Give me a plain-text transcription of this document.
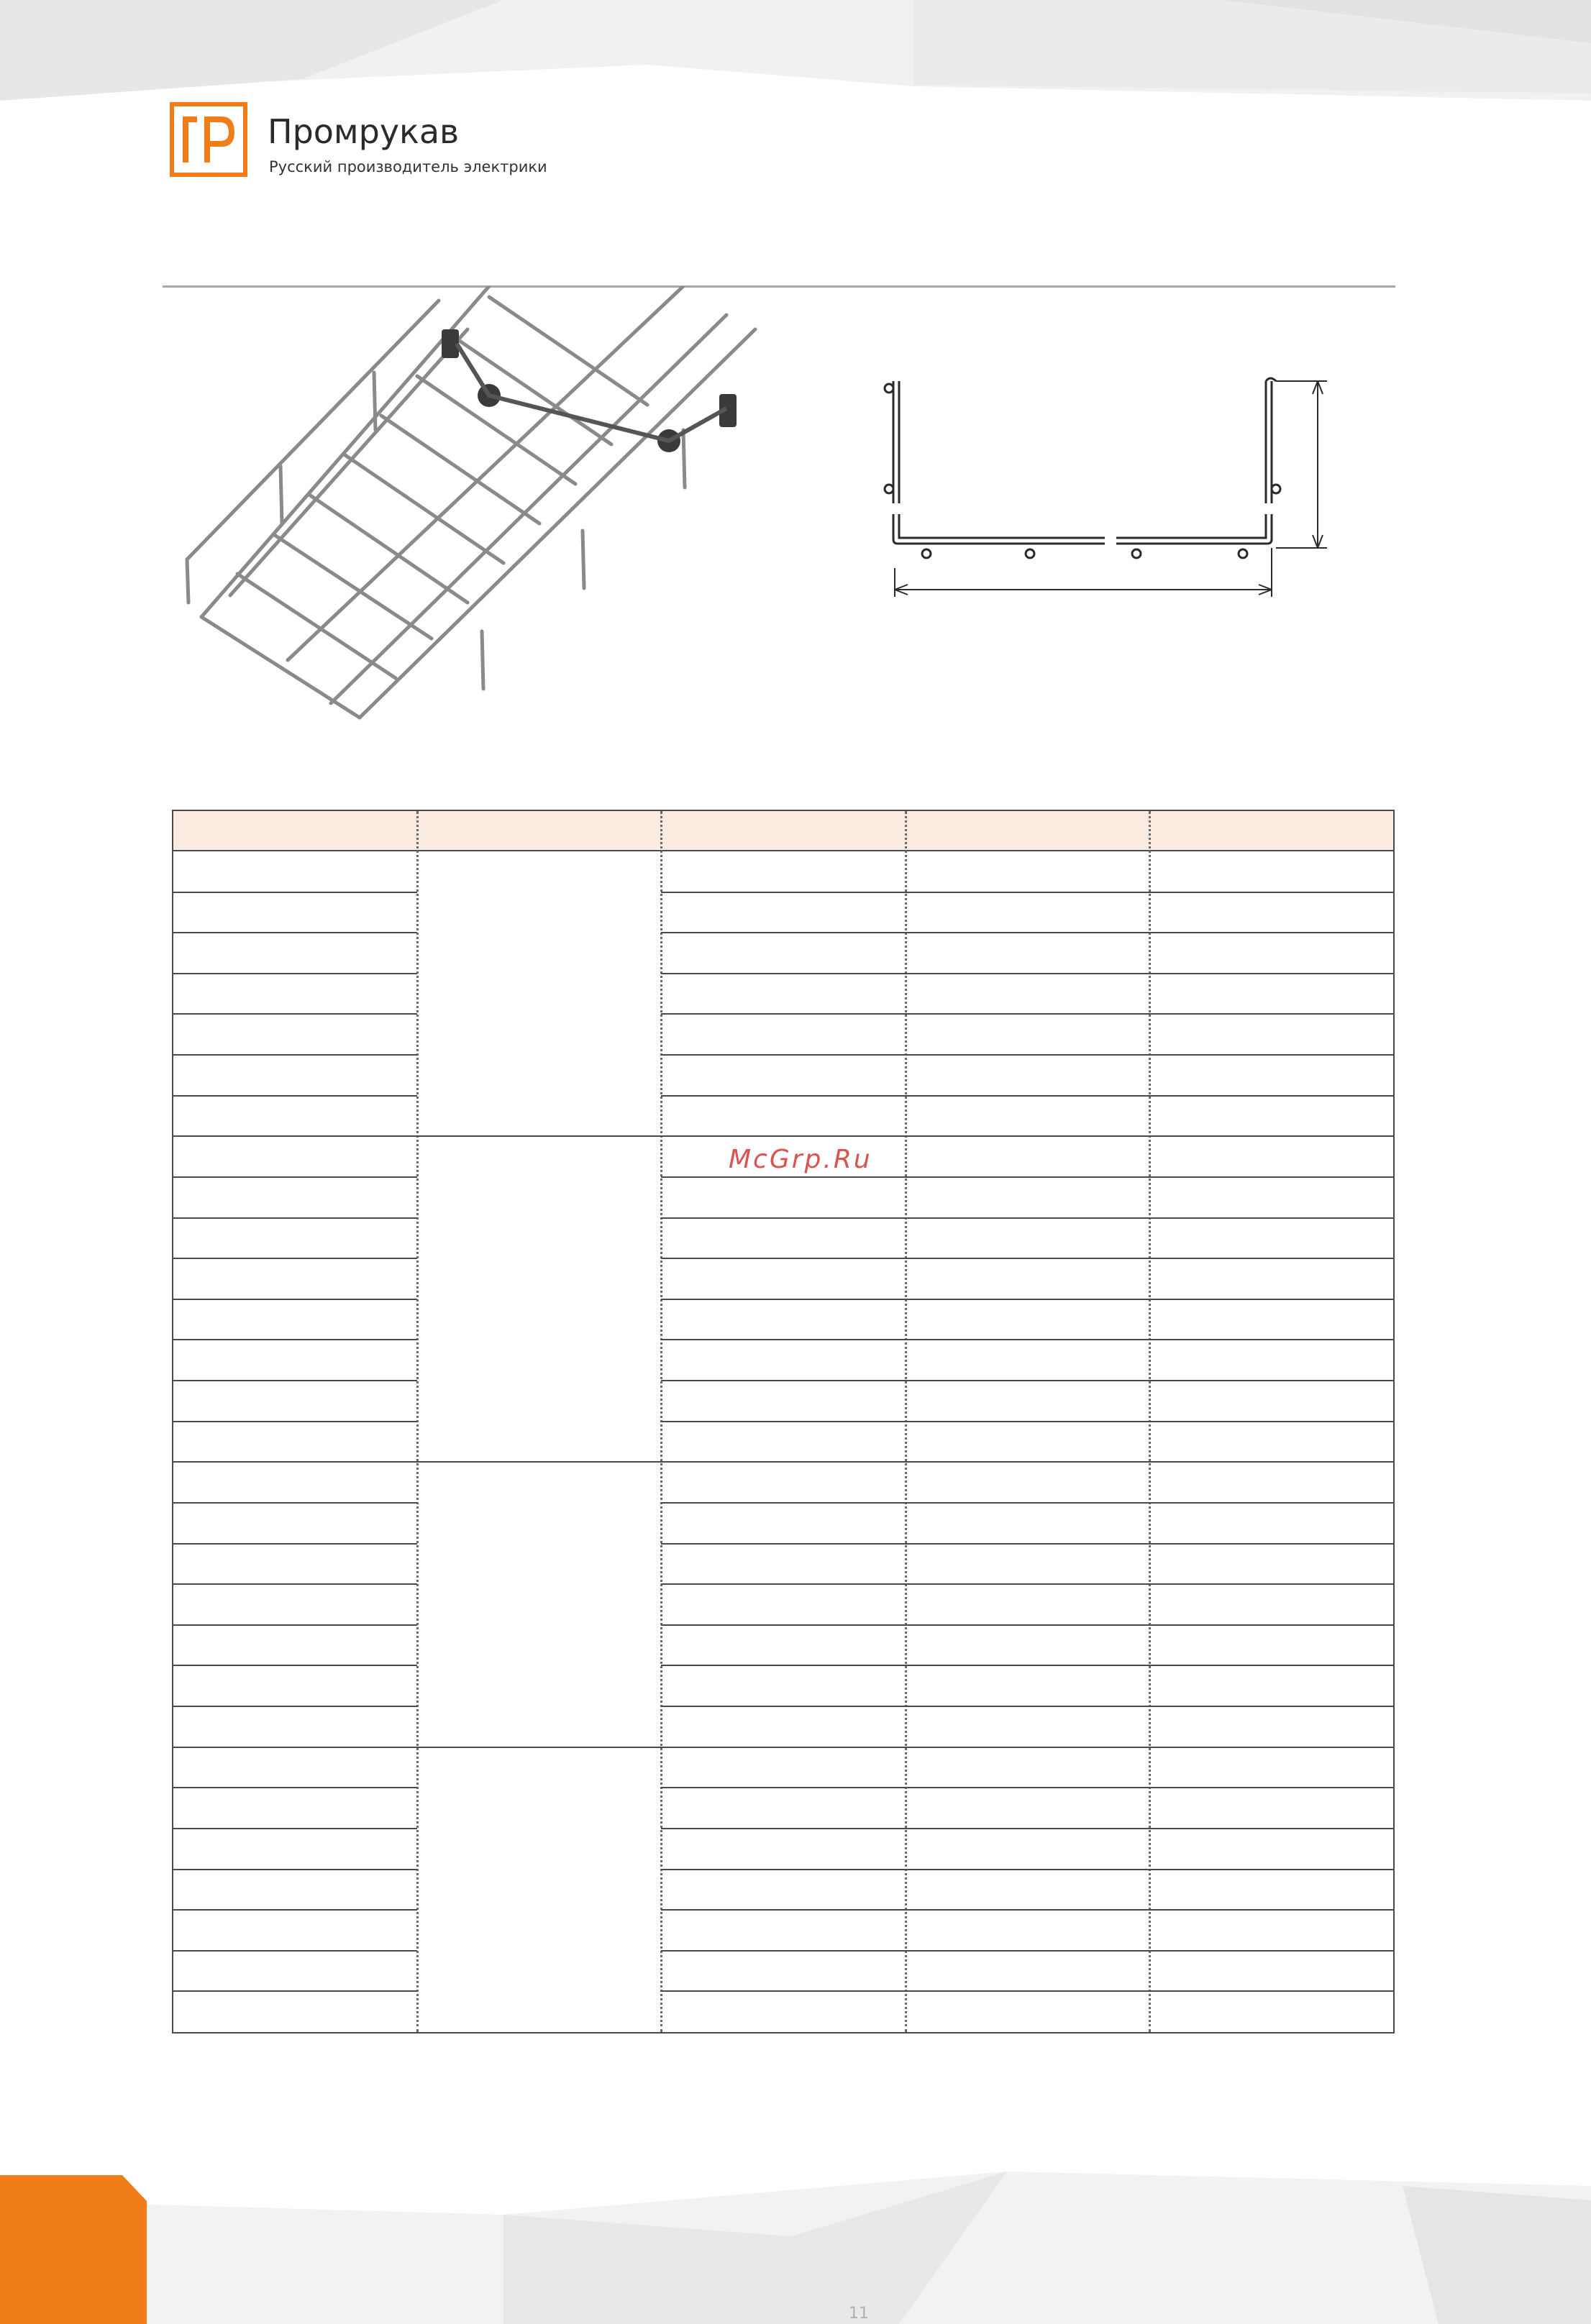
Промрукав
Русский производитель электрики
McGrp.Ru
11
